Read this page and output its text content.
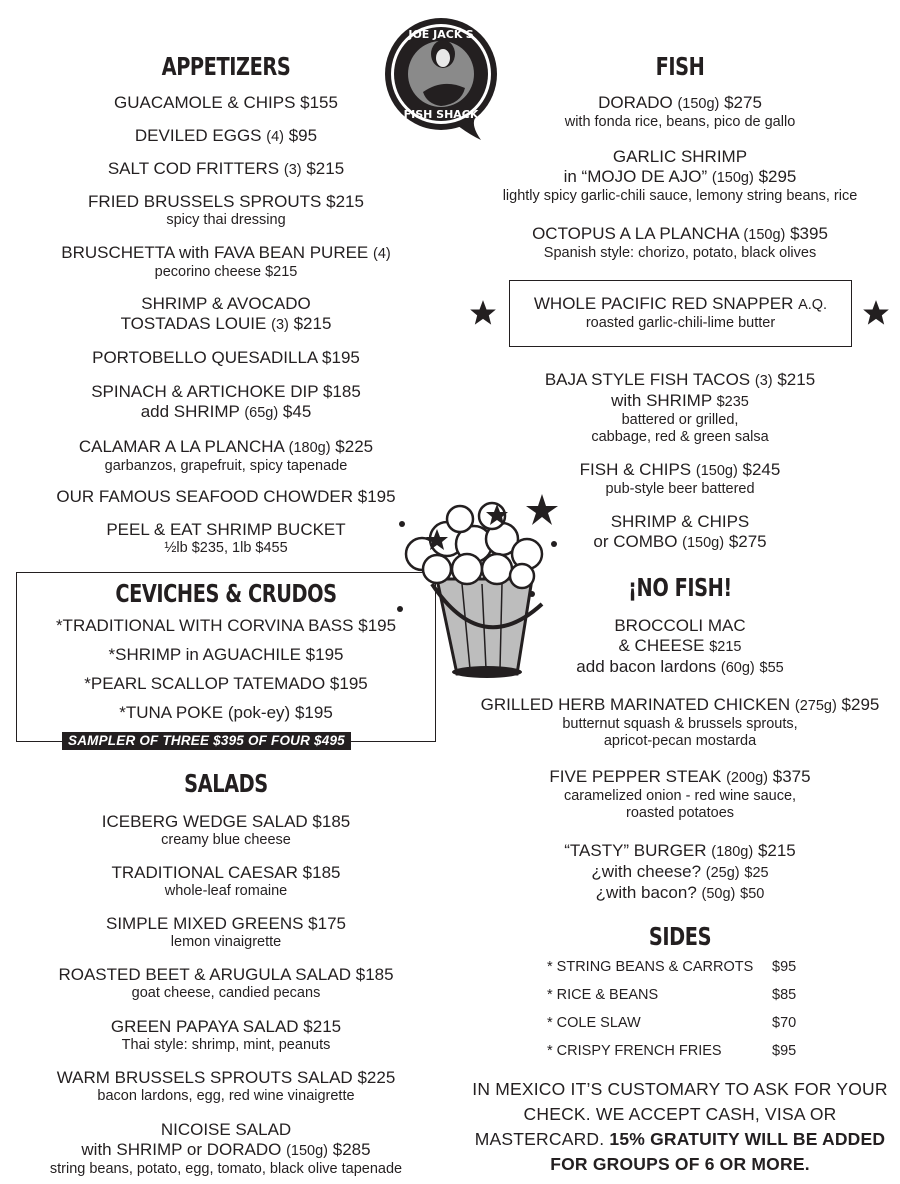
JOE JACK'S
FISH SHACK
APPETIZERS
GUACAMOLE & CHIPS $155
DEVILED EGGS (4) $95
SALT COD FRITTERS (3) $215
FRIED BRUSSELS SPROUTS $215
spicy thai dressing
BRUSCHETTA with FAVA BEAN PUREE (4)
pecorino cheese $215
SHRIMP & AVOCADO
TOSTADAS LOUIE (3) $215
PORTOBELLO QUESADILLA $195
SPINACH & ARTICHOKE DIP $185
add SHRIMP (65g) $45
CALAMAR A LA PLANCHA (180g) $225
garbanzos, grapefruit, spicy tapenade
OUR FAMOUS SEAFOOD CHOWDER $195
PEEL & EAT SHRIMP BUCKET
½lb $235, 1lb $455
CEVICHES & CRUDOS
*TRADITIONAL WITH CORVINA BASS $195
*SHRIMP in AGUACHILE $195
*PEARL SCALLOP TATEMADO $195
*TUNA POKE (pok-ey) $195
SAMPLER OF THREE $395 OF FOUR $495
SALADS
ICEBERG WEDGE SALAD $185
creamy blue cheese
TRADITIONAL CAESAR $185
whole-leaf romaine
SIMPLE MIXED GREENS $175
lemon vinaigrette
ROASTED BEET & ARUGULA SALAD $185
goat cheese, candied pecans
GREEN PAPAYA SALAD $215
Thai style: shrimp, mint, peanuts
WARM BRUSSELS SPROUTS SALAD $225
bacon lardons, egg, red wine vinaigrette
NICOISE SALAD
with SHRIMP or DORADO (150g) $285
string beans, potato, egg, tomato, black olive tapenade
FISH
DORADO (150g) $275
with fonda rice, beans, pico de gallo
GARLIC SHRIMP
in “MOJO DE AJO” (150g) $295
lightly spicy garlic-chili sauce, lemony string beans, rice
OCTOPUS A LA PLANCHA (150g) $395
Spanish style: chorizo, potato, black olives
WHOLE PACIFIC RED SNAPPER A.Q.
roasted garlic-chili-lime butter
BAJA STYLE FISH TACOS (3) $215
with SHRIMP $235
battered or grilled,
cabbage, red & green salsa
FISH & CHIPS (150g) $245
pub-style beer battered
SHRIMP & CHIPS
or COMBO (150g) $275
¡NO FISH!
BROCCOLI MAC
& CHEESE $215
add bacon lardons (60g) $55
GRILLED HERB MARINATED CHICKEN (275g) $295
butternut squash & brussels sprouts,
apricot-pecan mostarda
FIVE PEPPER STEAK (200g) $375
caramelized onion - red wine sauce,
roasted potatoes
“TASTY” BURGER (180g) $215
¿with cheese? (25g) $25
¿with bacon? (50g) $50
SIDES
* STRING BEANS & CARROTS $95
* RICE & BEANS	$85
* COLE SLAW	$70
* CRISPY FRENCH FRIES	$95
IN MEXICO IT’S CUSTOMARY TO ASK FOR YOUR CHECK. WE ACCEPT CASH, VISA OR MASTERCARD. 15% GRATUITY WILL BE ADDED FOR GROUPS OF 6 OR MORE.
